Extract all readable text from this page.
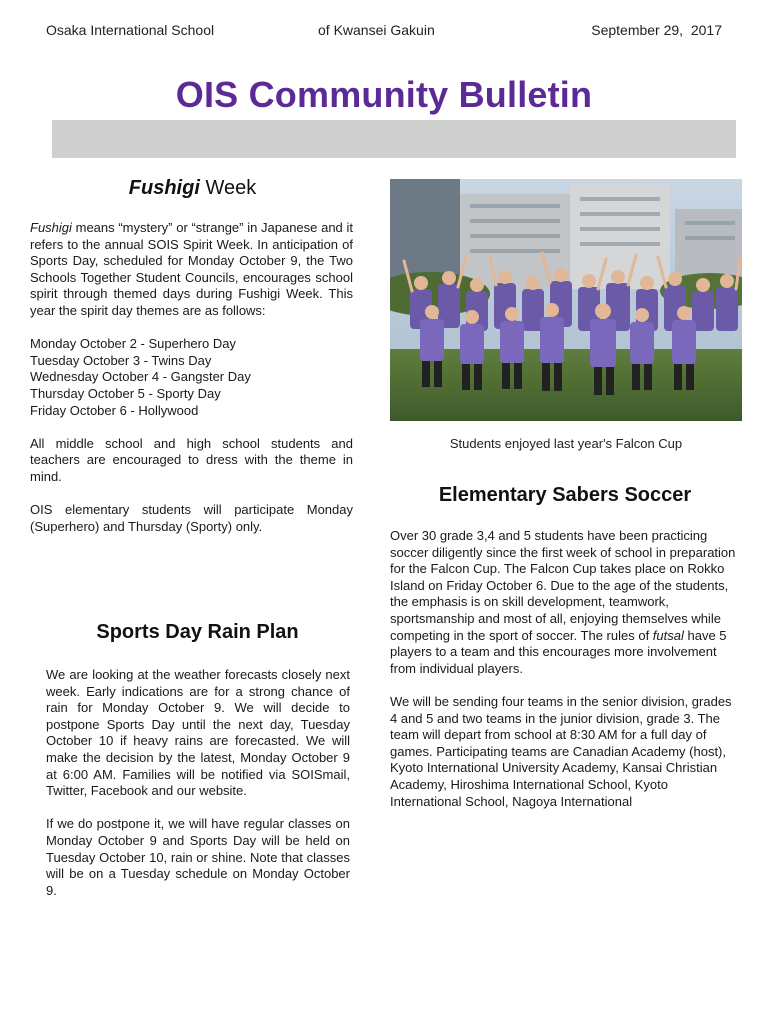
Osaka International School	of Kwansei Gakuin	September 29,  2017
OIS Community Bulletin
Fushigi Week

Fushigi means “mystery” or “strange” in Japanese and it refers to the annual SOIS Spirit Week. In anticipation of Sports Day, scheduled for Monday October 9, the Two Schools Together Student Councils, encourages school spirit through themed days during Fushigi Week. This year the spirit day themes are as follows:

Monday October 2 - Superhero Day
Tuesday October 3 - Twins Day
Wednesday October 4 - Gangster Day
Thursday October 5 - Sporty Day
Friday October 6 - Hollywood

All middle school and high school students and teachers are encouraged to dress with the theme in mind.

OIS elementary students will participate Monday (Superhero) and Thursday (Sporty) only.

Sports Day Rain Plan

We are looking at the weather forecasts closely next week. Early indications are for a strong chance of rain for Monday October 9. We will decide to postpone Sports Day until the next day, Tuesday October 10 if heavy rains are forecasted. We will make the decision by the latest, Monday October 9 at 6:00 AM. Families will be notified via SOISmail, Twitter, Facebook and our website.

If we do postpone it, we will have regular classes on Monday October 9 and Sports Day will be held on Tuesday October 10, rain or shine. Note that classes will be on a Tuesday schedule on Monday October 9.

Students enjoyed last year's Falcon Cup
Elementary Sabers Soccer

Over 30 grade 3,4 and 5 students have been practicing soccer diligently since the first week of school in preparation for the Falcon Cup. The Falcon Cup takes place on Rokko Island on Friday October 6. Due to the age of the students, the emphasis is on skill development, teamwork, sportsmanship and most of all, enjoying themselves while competing in the sport of soccer. The rules of futsal have 5 players to a team and this encourages more involvement from individual players.

We will be sending four teams in the senior division, grades 4 and 5 and two teams in the junior division, grade 3. The team will depart from school at 8:30 AM for a full day of games. Participating teams are Canadian Academy (host), Kyoto International University Academy, Kansai Christian Academy, Hiroshima International School, Kyoto International School, Nagoya International
